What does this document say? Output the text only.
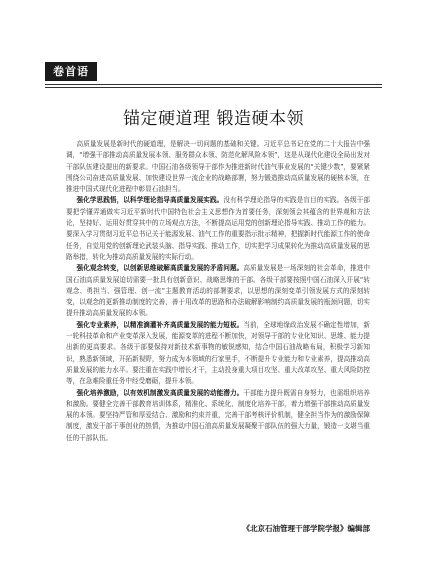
卷首语
锚定硬道理 锻造硬本领

高质量发展是新时代的硬道理，是解决一切问题的基础和关键。习近平总书记在党的二十大报告中强调，“增强干部推动高质量发展本领、服务群众本领、防范化解风险本领”，这是从现代化建设全局出发对干部队伍建设提出的新要求。中国石油各级领导干部作为推进新时代油气事业发展的“关键少数”，要紧紧围绕公司奋进高质量发展、加快建设世界一流企业的战略部署，努力锻造推动高质量发展的硬核本领，在推进中国式现代化进程中彰显石油担当。

强化学思践悟，以科学理论指导高质量发展实践。没有科学理论指导的实践是盲目的实践。各级干部要把学懂弄通做实习近平新时代中国特色社会主义思想作为首要任务，深刻领会其蕴含的世界观和方法论，坚持好、运用好贯穿其中的立场观点方法，不断提高运用党的创新理论指导实践、推动工作的能力。要深入学习贯彻习近平总书记关于能源发展、油气工作的重要指示批示精神，把握新时代能源工作的使命任务，自觉用党的创新理论武装头脑、指导实践、推动工作，切实把学习成果转化为推动高质量发展的思路举措，转化为推动高质量发展的实际行动。

强化观念转变，以创新思维破解高质量发展的矛盾问题。高质量发展是一场深刻的社会革命，推进中国石油高质量发展迫切需要一批具有创新意识、战略思维的干部。各级干部要按照中国石油深入开展“转观念、勇担当、强管理、创一流”主题教育活动的部署要求，以思想的深刻变革引领发展方式的深刻转变，以观念的更新推动制度的完善，善于用改革的思路和办法破解影响制约高质量发展的瓶颈问题，切实提升推动高质量发展的本领。

强化专业素养，以精准滴灌补齐高质量发展的能力短板。当前，全球地缘政治发展不确定性增加，新一轮科技革命和产业变革深入发展，能源变革的进程不断加快，对领导干部的专业化知识、思维、能力提出新的更高要求。各级干部要保持对新技术新事物的敏锐感知，结合中国石油战略布局，积极学习新知识，熟悉新领域，开拓新视野，努力成为本领域的行家里手，不断提升专业能力和专业素养，提高推动高质量发展的能力水平。要注重在实践中增长才干，主动投身重大项目攻坚、重大改革攻坚、重大风险防控等，在急难险重任务中经受磨砺，提升本领。

强化培养激励，以有效机制激发高质量发展的动能潜力。干部能力提升既需自身努力，也需组织培养和激励。要健全完善干部教育培训体系，精准化、系统化、制度化培养干部，着力增强干部推动高质量发展的本领。要坚持严管和厚爱结合、激励和约束并重，完善干部考核评价机制，健全担当作为的激励保障制度，激发干部干事创业的热情，为推动中国石油高质量发展凝聚干部队伍的强大力量，锻造一支堪当重任的干部队伍。

《北京石油管理干部学院学报》编辑部
